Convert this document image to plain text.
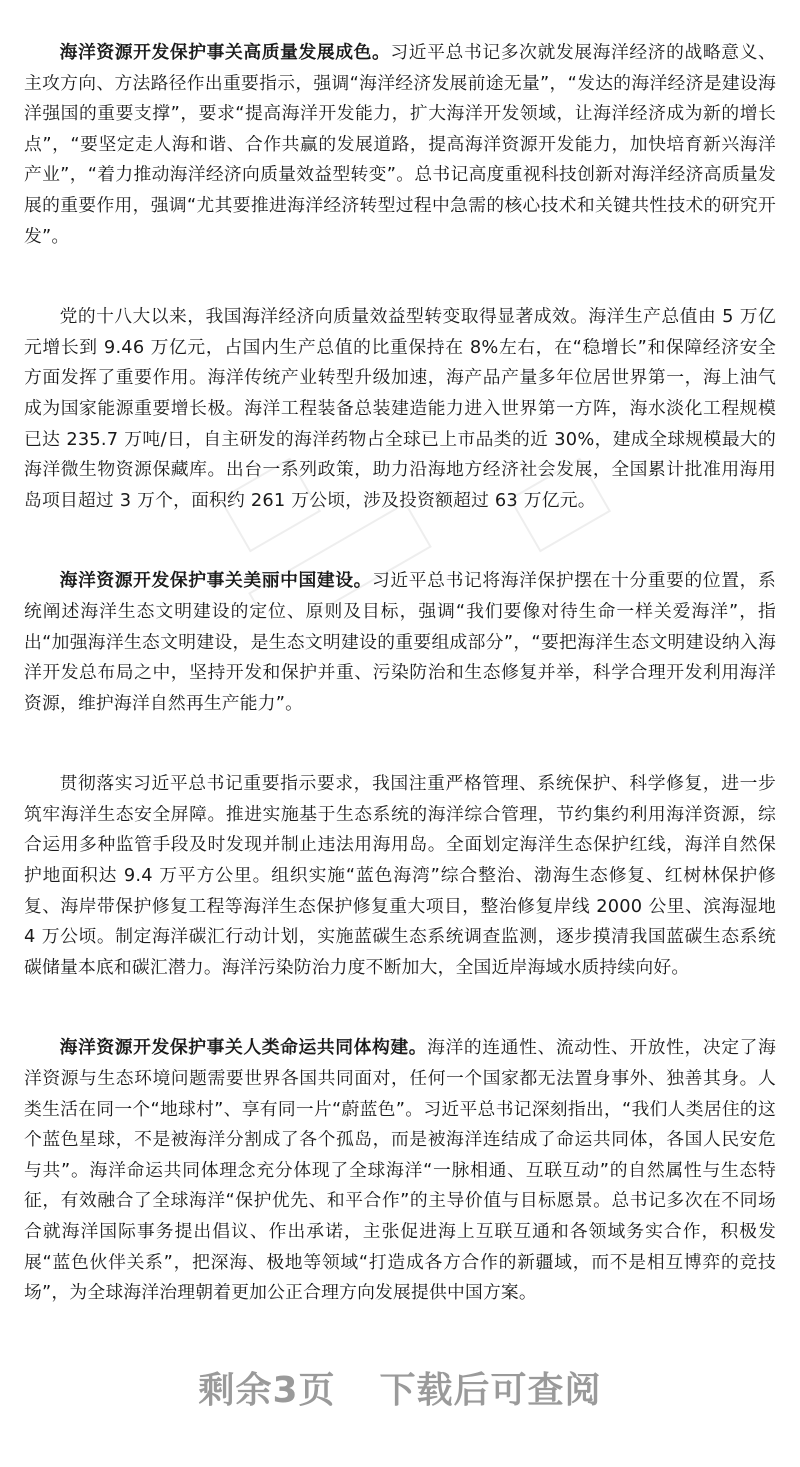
海洋资源开发保护事关高质量发展成色。习近平总书记多次就发展海洋经济的战略意义、主攻方向、方法路径作出重要指示，强调“海洋经济发展前途无量”，“发达的海洋经济是建设海洋强国的重要支撑”，要求“提高海洋开发能力，扩大海洋开发领域，让海洋经济成为新的增长点”，“要坚定走人海和谐、合作共赢的发展道路，提高海洋资源开发能力，加快培育新兴海洋产业”，“着力推动海洋经济向质量效益型转变”。总书记高度重视科技创新对海洋经济高质量发展的重要作用，强调“尤其要推进海洋经济转型过程中急需的核心技术和关键共性技术的研究开发”。

党的十八大以来，我国海洋经济向质量效益型转变取得显著成效。海洋生产总值由 5 万亿元增长到 9.46 万亿元，占国内生产总值的比重保持在 8%左右，在“稳增长”和保障经济安全方面发挥了重要作用。海洋传统产业转型升级加速，海产品产量多年位居世界第一，海上油气成为国家能源重要增长极。海洋工程装备总装建造能力进入世界第一方阵，海水淡化工程规模已达 235.7 万吨/日，自主研发的海洋药物占全球已上市品类的近 30%，建成全球规模最大的海洋微生物资源保藏库。出台一系列政策，助力沿海地方经济社会发展，全国累计批准用海用岛项目超过 3 万个，面积约 261 万公顷，涉及投资额超过 63 万亿元。

海洋资源开发保护事关美丽中国建设。习近平总书记将海洋保护摆在十分重要的位置，系统阐述海洋生态文明建设的定位、原则及目标，强调“我们要像对待生命一样关爱海洋”，指出“加强海洋生态文明建设，是生态文明建设的重要组成部分”，“要把海洋生态文明建设纳入海洋开发总布局之中，坚持开发和保护并重、污染防治和生态修复并举，科学合理开发利用海洋资源，维护海洋自然再生产能力”。

贯彻落实习近平总书记重要指示要求，我国注重严格管理、系统保护、科学修复，进一步筑牢海洋生态安全屏障。推进实施基于生态系统的海洋综合管理，节约集约利用海洋资源，综合运用多种监管手段及时发现并制止违法用海用岛。全面划定海洋生态保护红线，海洋自然保护地面积达 9.4 万平方公里。组织实施“蓝色海湾”综合整治、渤海生态修复、红树林保护修复、海岸带保护修复工程等海洋生态保护修复重大项目，整治修复岸线 2000 公里、滨海湿地 4 万公顷。制定海洋碳汇行动计划，实施蓝碳生态系统调查监测，逐步摸清我国蓝碳生态系统碳储量本底和碳汇潜力。海洋污染防治力度不断加大，全国近岸海域水质持续向好。

海洋资源开发保护事关人类命运共同体构建。海洋的连通性、流动性、开放性，决定了海洋资源与生态环境问题需要世界各国共同面对，任何一个国家都无法置身事外、独善其身。人类生活在同一个“地球村”、享有同一片“蔚蓝色”。习近平总书记深刻指出，“我们人类居住的这个蓝色星球，不是被海洋分割成了各个孤岛，而是被海洋连结成了命运共同体，各国人民安危与共”。海洋命运共同体理念充分体现了全球海洋“一脉相通、互联互动”的自然属性与生态特征，有效融合了全球海洋“保护优先、和平合作”的主导价值与目标愿景。总书记多次在不同场合就海洋国际事务提出倡议、作出承诺，主张促进海上互联互通和各领域务实合作，积极发展“蓝色伙伴关系”，把深海、极地等领域“打造成各方合作的新疆域，而不是相互博弈的竞技场”，为全球海洋治理朝着更加公正合理方向发展提供中国方案。

剩余3页 下载后可查阅
